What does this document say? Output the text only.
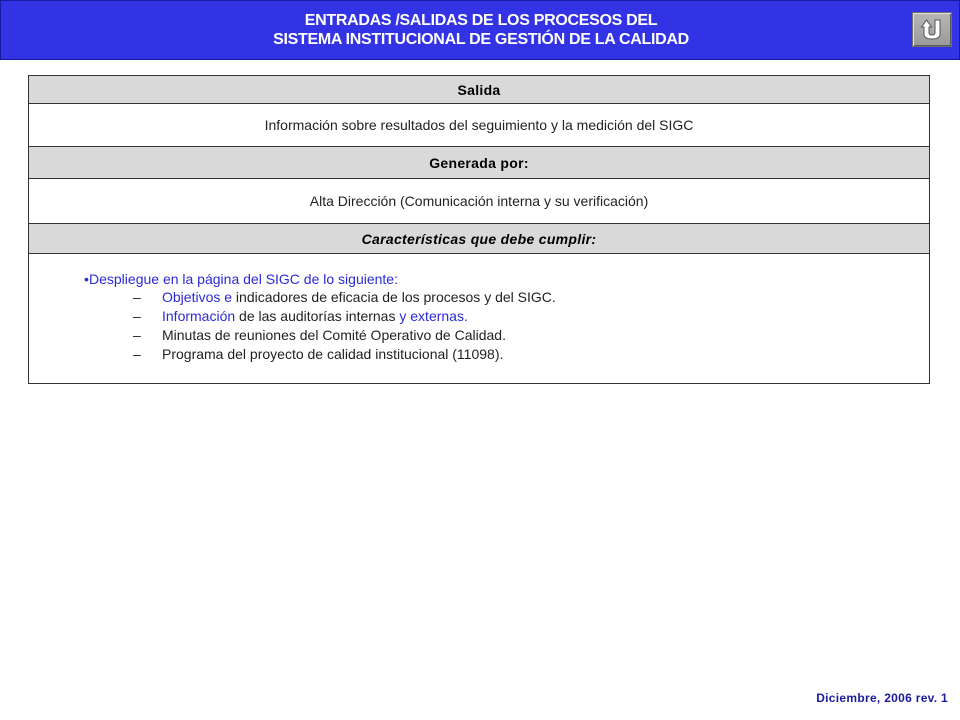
ENTRADAS /SALIDAS DE LOS PROCESOS DEL
SISTEMA INSTITUCIONAL DE GESTIÓN DE LA CALIDAD
Salida
Información sobre resultados del seguimiento y la medición del SIGC
Generada por:
Alta Dirección (Comunicación interna y su verificación)
Características que debe cumplir:
• Despliegue en la página del SIGC de lo siguiente:
– Objetivos e indicadores de eficacia de los procesos y del SIGC.
– Información de las auditorías internas y externas.
– Minutas de reuniones del Comité Operativo de Calidad.
– Programa del proyecto de calidad institucional (11098).
Diciembre, 2006 rev. 1
